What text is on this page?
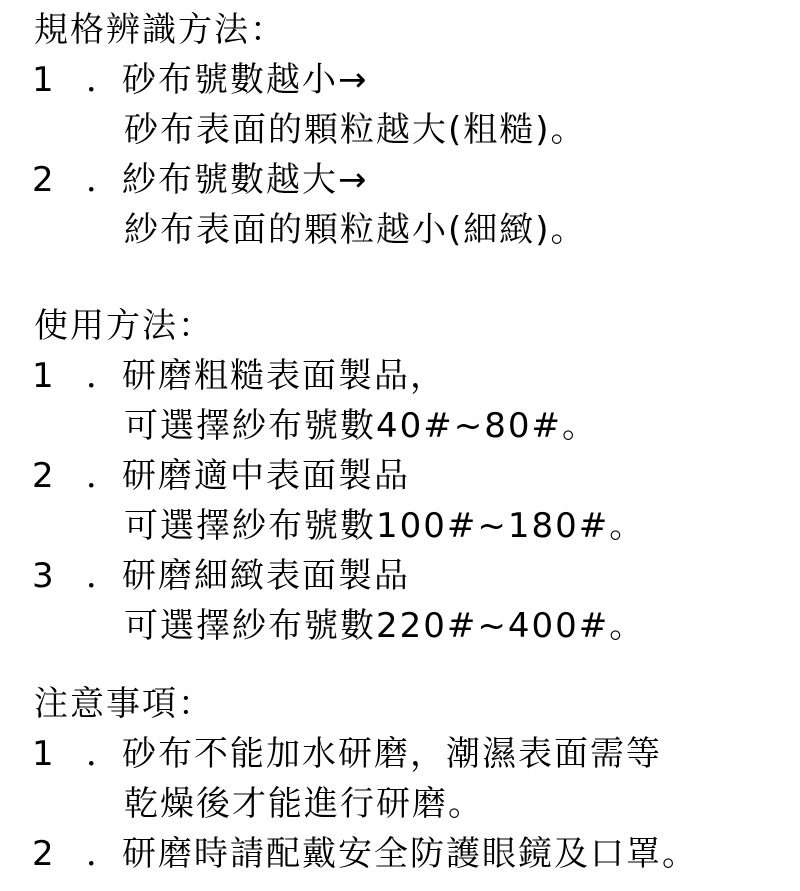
規格辨識方法：
1 ．砂布號數越小→
砂布表面的顆粒越大(粗糙)。
2 ．紗布號數越大→
紗布表面的顆粒越小(細緻)。
使用方法：
1 ．研磨粗糙表面製品，
可選擇紗布號數40#~80#。
2 ．研磨適中表面製品
可選擇紗布號數100#~180#。
3 ．研磨細緻表面製品
可選擇紗布號數220#~400#。
注意事項：
1 ．砂布不能加水研磨，潮濕表面需等
乾燥後才能進行研磨。
2 ．研磨時請配戴安全防護眼鏡及口罩。
